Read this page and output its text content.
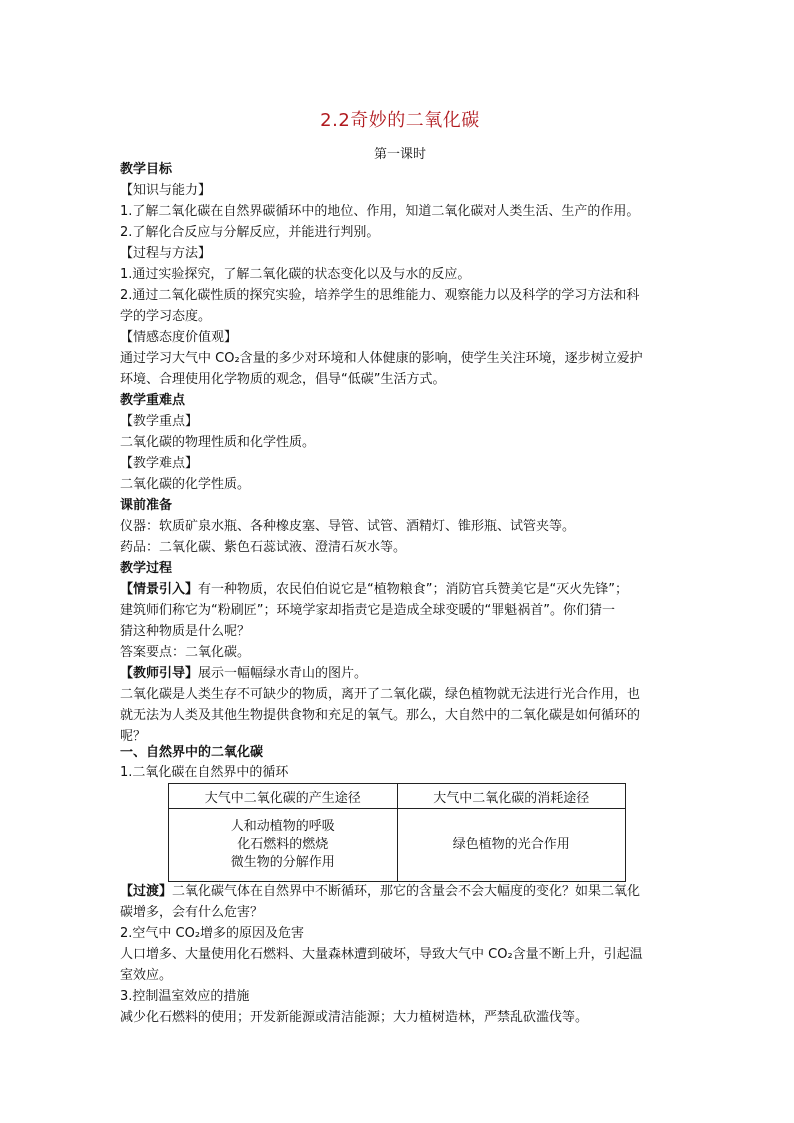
2.2奇妙的二氧化碳
第一课时
教学目标
【知识与能力】
1.了解二氧化碳在自然界碳循环中的地位、作用，知道二氧化碳对人类生活、生产的作用。
2.了解化合反应与分解反应，并能进行判别。
【过程与方法】
1.通过实验探究，了解二氧化碳的状态变化以及与水的反应。
2.通过二氧化碳性质的探究实验，培养学生的思维能力、观察能力以及科学的学习方法和科
学的学习态度。
【情感态度价值观】
通过学习大气中 CO₂含量的多少对环境和人体健康的影响，使学生关注环境，逐步树立爱护
环境、合理使用化学物质的观念，倡导“低碳”生活方式。
教学重难点
【教学重点】
二氧化碳的物理性质和化学性质。
【教学难点】
二氧化碳的化学性质。
课前准备
仪器：软质矿泉水瓶、各种橡皮塞、导管、试管、酒精灯、锥形瓶、试管夹等。
药品：二氧化碳、紫色石蕊试液、澄清石灰水等。
教学过程
【情景引入】有一种物质，农民伯伯说它是“植物粮食”；消防官兵赞美它是“灭火先锋”；
建筑师们称它为“粉刷匠”；环境学家却指责它是造成全球变暖的“罪魁祸首”。你们猜一
猜这种物质是什么呢？
答案要点：二氧化碳。
【教师引导】展示一幅幅绿水青山的图片。
二氧化碳是人类生存不可缺少的物质，离开了二氧化碳，绿色植物就无法进行光合作用，也
就无法为人类及其他生物提供食物和充足的氧气。那么，大自然中的二氧化碳是如何循环的
呢？
一、自然界中的二氧化碳
1.二氧化碳在自然界中的循环
大气中二氧化碳的产生途径	大气中二氧化碳的消耗途径

人和动植物的呼吸
化石燃料的燃烧
微生物的分解作用	绿色植物的光合作用
【过渡】二氧化碳气体在自然界中不断循环，那它的含量会不会大幅度的变化？如果二氧化
碳增多，会有什么危害？
2.空气中 CO₂增多的原因及危害
人口增多、大量使用化石燃料、大量森林遭到破坏，导致大气中 CO₂含量不断上升，引起温
室效应。
3.控制温室效应的措施
减少化石燃料的使用；开发新能源或清洁能源；大力植树造林，严禁乱砍滥伐等。
